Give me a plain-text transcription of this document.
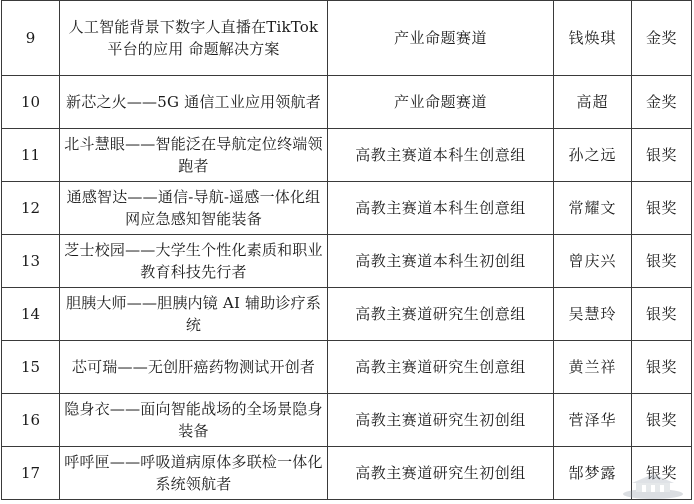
9	人工智能背景下数字人直播在TikTok 平台的应用 命题解决方案	产业命题赛道	钱焕琪	金奖
10	新芯之火——5G 通信工业应用领航者	产业命题赛道	高超	金奖
11	北斗慧眼——智能泛在导航定位终端领跑者	高教主赛道本科生创意组	孙之远	银奖
12	通感智达——通信-导航-遥感一体化组网应急感知智能装备	高教主赛道本科生创意组	常耀文	银奖
13	芝士校园——大学生个性化素质和职业教育科技先行者	高教主赛道本科生初创组	曾庆兴	银奖
14	胆胰大师——胆胰内镜 AI 辅助诊疗系统	高教主赛道研究生创意组	吴慧玲	银奖
15	芯可瑞——无创肝癌药物测试开创者	高教主赛道研究生创意组	黄兰祥	银奖
16	隐身衣——面向智能战场的全场景隐身装备	高教主赛道研究生初创组	菅泽华	银奖
17	呼呼匣——呼吸道病原体多联检一体化系统领航者	高教主赛道研究生初创组	郜梦露	银奖
